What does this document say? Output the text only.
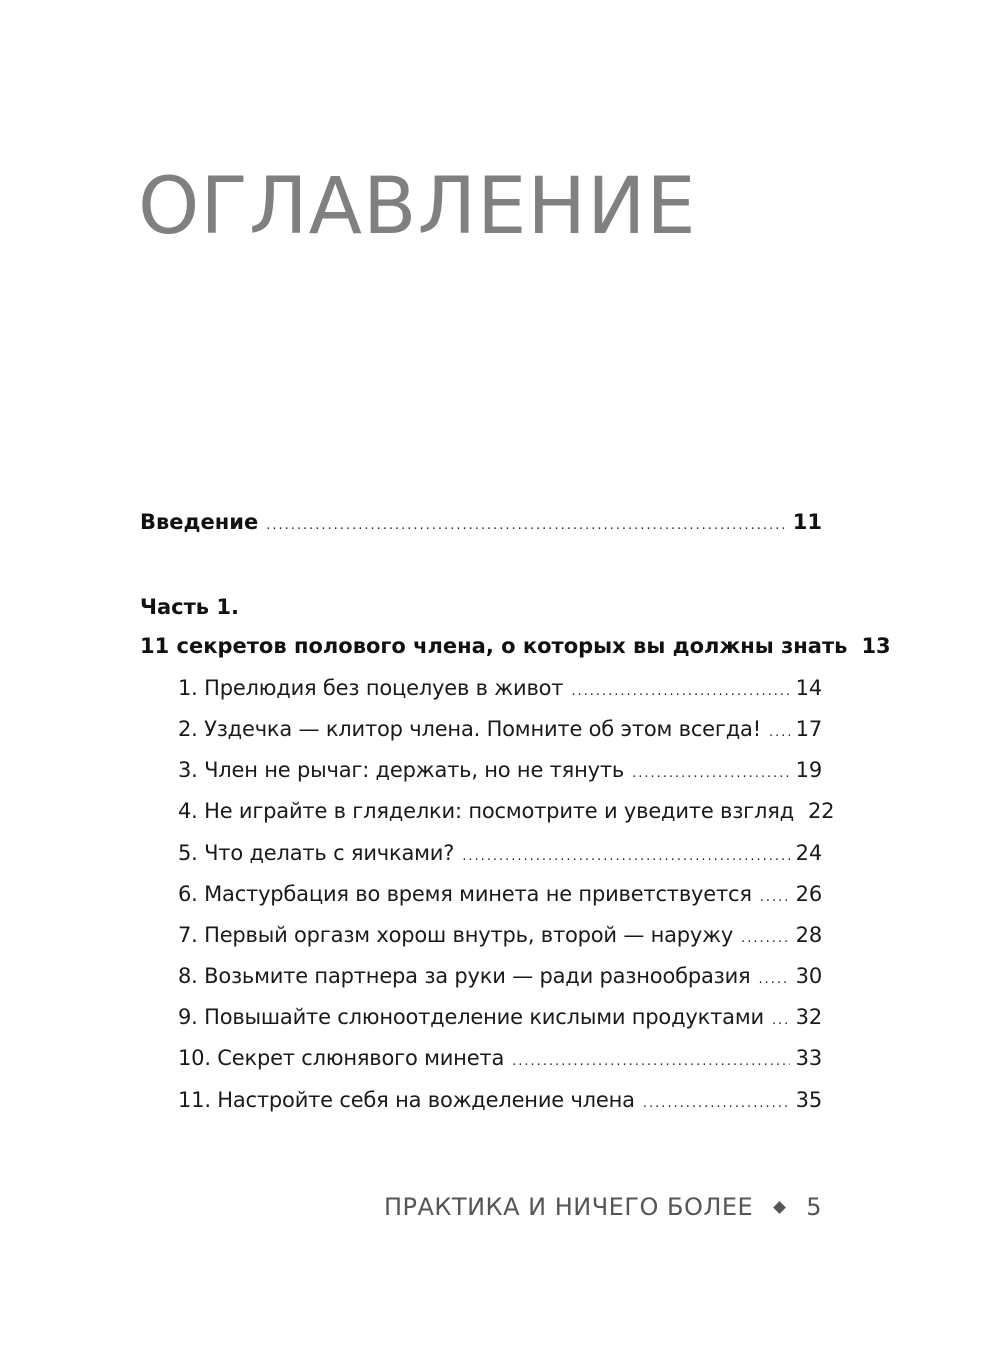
ОГЛАВЛЕНИЕ
Введение .....	11
Часть 1.
11 секретов полового члена, о которых вы должны знать 13
1. Прелюдия без поцелуев в живот .....	14
2. Уздечка — клитор члена. Помните об этом всегда! ..... 17
3. Член не рычаг: держать, но не тянуть .....	19
4. Не играйте в гляделки: посмотрите и уведите взгляд 22
5. Что делать с яичками? .....	24
6. Мастурбация во время минета не приветствуется ..... 26
7. Первый оргазм хорош внутрь, второй — наружу .....	28
8. Возьмите партнера за руки — ради разнообразия ..... 30
9. Повышайте слюноотделение кислыми продуктами ..... 32
10. Секрет слюнявого минета .....	33
11. Настройте себя на вожделение члена .....	35
ПРАКТИКА И НИЧЕГО БОЛЕЕ 5
